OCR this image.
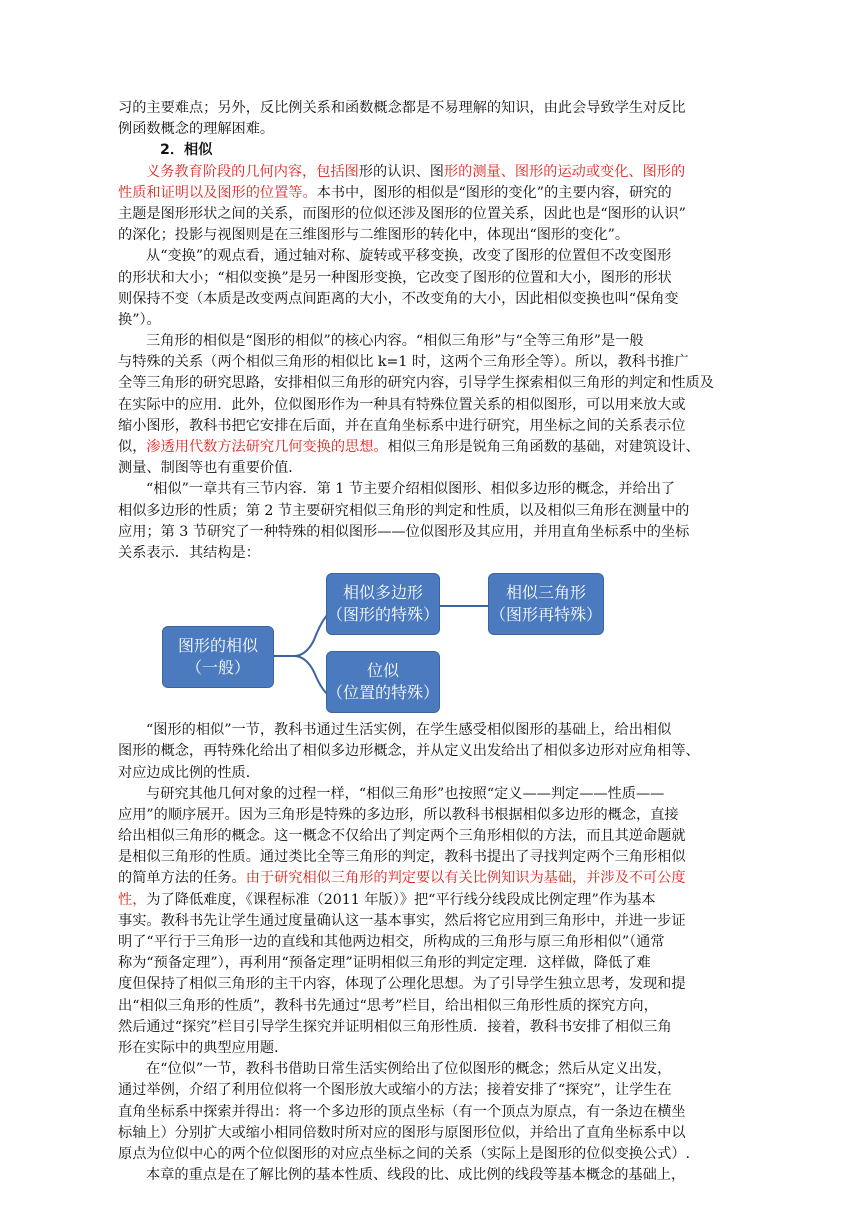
习的主要难点；另外，反比例关系和函数概念都是不易理解的知识，由此会导致学生对反比
例函数概念的理解困难。
2．相似
义务教育阶段的几何内容，包括图形的认识、图形的测量、图形的运动或变化、图形的
性质和证明以及图形的位置等。本书中，图形的相似是“图形的变化”的主要内容，研究的
主题是图形形状之间的关系，而图形的位似还涉及图形的位置关系，因此也是“图形的认识”
的深化；投影与视图则是在三维图形与二维图形的转化中，体现出“图形的变化”。
从“变换”的观点看，通过轴对称、旋转或平移变换，改变了图形的位置但不改变图形
的形状和大小；“相似变换”是另一种图形变换，它改变了图形的位置和大小，图形的形状
则保持不变（本质是改变两点间距离的大小，不改变角的大小，因此相似变换也叫“保角变
换”）。
三角形的相似是“图形的相似”的核心内容。“相似三角形”与“全等三角形”是一般
与特殊的关系（两个相似三角形的相似比 k=1 时，这两个三角形全等）。所以，教科书推广
全等三角形的研究思路，安排相似三角形的研究内容，引导学生探索相似三角形的判定和性质及
在实际中的应用．此外，位似图形作为一种具有特殊位置关系的相似图形，可以用来放大或
缩小图形，教科书把它安排在后面，并在直角坐标系中进行研究，用坐标之间的关系表示位
似，渗透用代数方法研究几何变换的思想。相似三角形是锐角三角函数的基础，对建筑设计、
测量、制图等也有重要价值．
“相似”一章共有三节内容．第 1 节主要介绍相似图形、相似多边形的概念，并给出了
相似多边形的性质；第 2 节主要研究相似三角形的判定和性质，以及相似三角形在测量中的
应用；第 3 节研究了一种特殊的相似图形——位似图形及其应用，并用直角坐标系中的坐标
关系表示．其结构是：
图形的相似
（一般）
相似多边形
（图形的特殊）
相似三角形
（图形再特殊）
位似
（位置的特殊）
“图形的相似”一节，教科书通过生活实例，在学生感受相似图形的基础上，给出相似
图形的概念，再特殊化给出了相似多边形概念，并从定义出发给出了相似多边形对应角相等、
对应边成比例的性质．
与研究其他几何对象的过程一样，“相似三角形”也按照“定义——判定——性质——
应用”的顺序展开。因为三角形是特殊的多边形，所以教科书根据相似多边形的概念，直接
给出相似三角形的概念。这一概念不仅给出了判定两个三角形相似的方法，而且其逆命题就
是相似三角形的性质。通过类比全等三角形的判定，教科书提出了寻找判定两个三角形相似
的简单方法的任务。由于研究相似三角形的判定要以有关比例知识为基础，并涉及不可公度
性，为了降低难度，《课程标准（2011 年版）》把“平行线分线段成比例定理”作为基本
事实。教科书先让学生通过度量确认这一基本事实，然后将它应用到三角形中，并进一步证
明了“平行于三角形一边的直线和其他两边相交，所构成的三角形与原三角形相似”（通常
称为“预备定理”），再利用“预备定理”证明相似三角形的判定定理．这样做，降低了难
度但保持了相似三角形的主干内容，体现了公理化思想。为了引导学生独立思考，发现和提
出“相似三角形的性质”，教科书先通过“思考”栏目，给出相似三角形性质的探究方向，
然后通过“探究”栏目引导学生探究并证明相似三角形性质．接着，教科书安排了相似三角
形在实际中的典型应用题．
在“位似”一节，教科书借助日常生活实例给出了位似图形的概念；然后从定义出发，
通过举例，介绍了利用位似将一个图形放大或缩小的方法；接着安排了“探究”，让学生在
直角坐标系中探索并得出：将一个多边形的顶点坐标（有一个顶点为原点，有一条边在横坐
标轴上）分别扩大或缩小相同倍数时所对应的图形与原图形位似，并给出了直角坐标系中以
原点为位似中心的两个位似图形的对应点坐标之间的关系（实际上是图形的位似变换公式）.
本章的重点是在了解比例的基本性质、线段的比、成比例的线段等基本概念的基础上，
